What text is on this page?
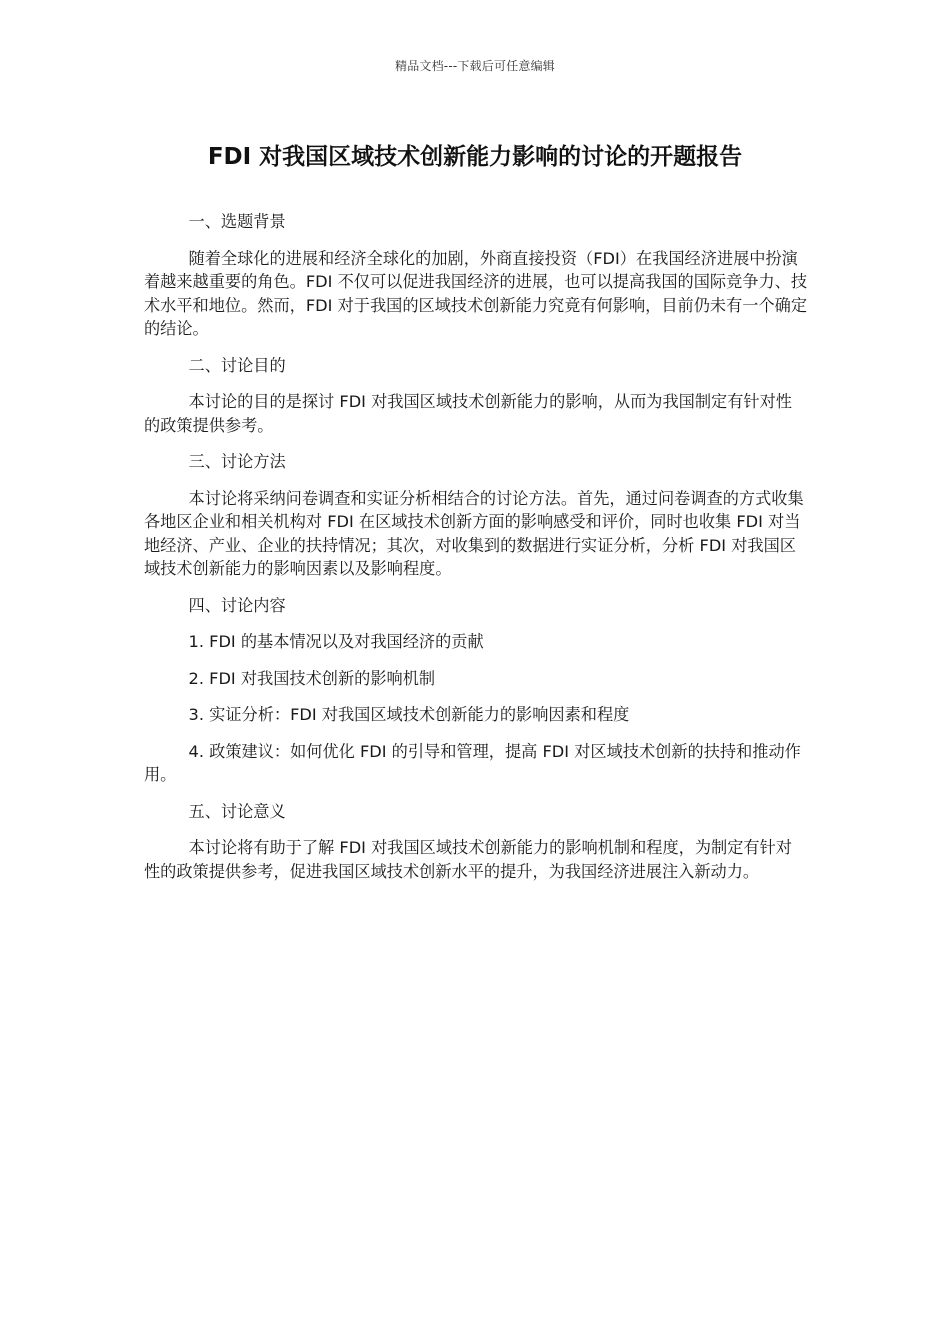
精品文档---下载后可任意编辑
FDI 对我国区域技术创新能力影响的讨论的开题报告

一、选题背景

随着全球化的进展和经济全球化的加剧，外商直接投资（FDI）在我国经济进展中扮演着越来越重要的角色。FDI 不仅可以促进我国经济的进展，也可以提高我国的国际竞争力、技术水平和地位。然而，FDI 对于我国的区域技术创新能力究竟有何影响，目前仍未有一个确定的结论。

二、讨论目的

本讨论的目的是探讨 FDI 对我国区域技术创新能力的影响，从而为我国制定有针对性的政策提供参考。

三、讨论方法

本讨论将采纳问卷调查和实证分析相结合的讨论方法。首先，通过问卷调查的方式收集各地区企业和相关机构对 FDI 在区域技术创新方面的影响感受和评价，同时也收集 FDI 对当地经济、产业、企业的扶持情况；其次，对收集到的数据进行实证分析，分析 FDI 对我国区域技术创新能力的影响因素以及影响程度。

四、讨论内容

1. FDI 的基本情况以及对我国经济的贡献

2. FDI 对我国技术创新的影响机制

3. 实证分析：FDI 对我国区域技术创新能力的影响因素和程度

4. 政策建议：如何优化 FDI 的引导和管理，提高 FDI 对区域技术创新的扶持和推动作用。

五、讨论意义

本讨论将有助于了解 FDI 对我国区域技术创新能力的影响机制和程度，为制定有针对性的政策提供参考，促进我国区域技术创新水平的提升，为我国经济进展注入新动力。
